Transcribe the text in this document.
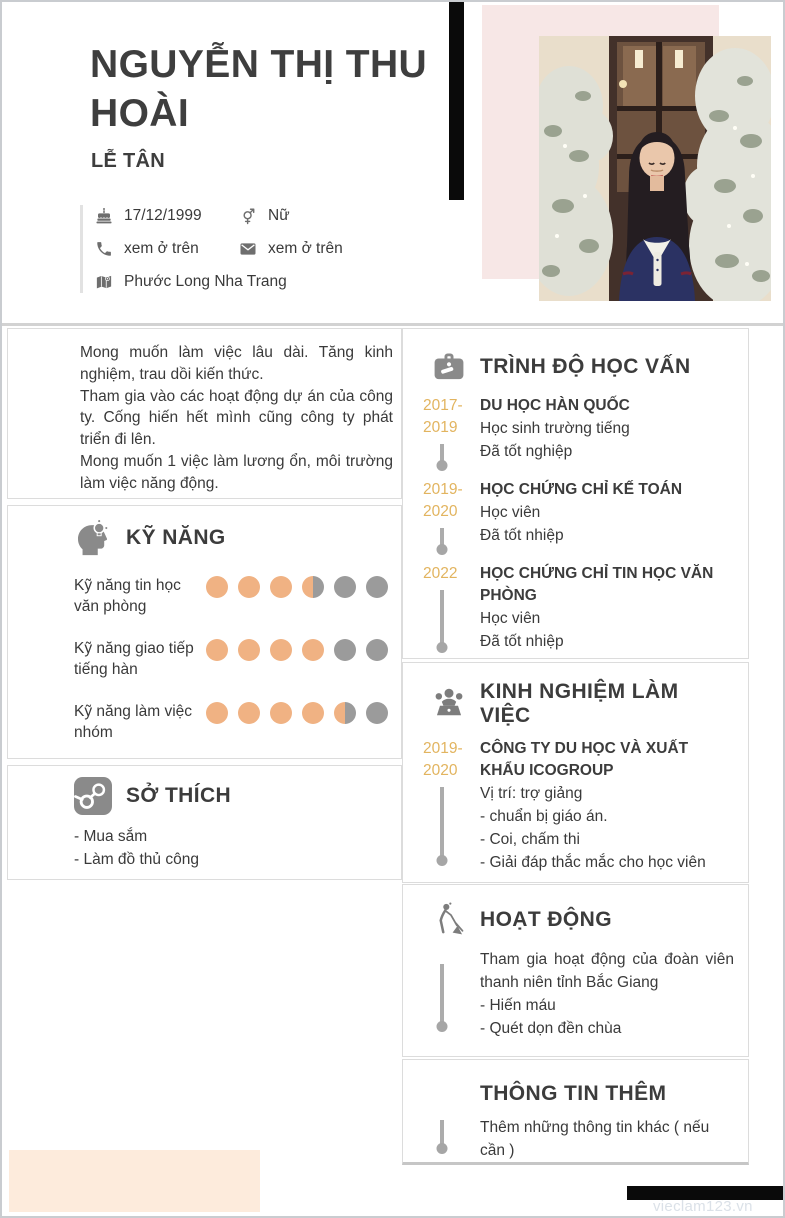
NGUYỄN THỊ THU HOÀI
LỄ TÂN
17/12/1999	Nữ
xem ở trên	xem ở trên
Phước Long Nha Trang

Mong muốn làm việc lâu dài. Tăng kinh nghiệm, trau dồi kiến thức.

Tham gia vào các hoạt động dự án của công ty. Cống hiến hết mình cũng công ty phát triển đi lên.

Mong muốn 1 việc làm lương ổn, môi trường làm việc năng động.

KỸ NĂNG
Kỹ năng tin học văn phòng
Kỹ năng giao tiếp tiếng hàn
Kỹ năng làm việc nhóm
SỞ THÍCH
- Mua sắm
- Làm đồ thủ công
TRÌNH ĐỘ HỌC VẤN
2017-
2019
DU HỌC HÀN QUỐC
Học sinh trường tiếng
Đã tốt nghiệp
2019-
2020
HỌC CHỨNG CHỈ KẾ TOÁN
Học viên
Đã tốt nhiệp
2022 HỌC CHỨNG CHỈ TIN HỌC VĂN PHÒNG
Học viên
Đã tốt nhiệp
KINH NGHIỆM LÀM VIỆC
2019-
2020
CÔNG TY DU HỌC VÀ XUẤT KHẨU ICOGROUP
Vị trí: trợ giảng
- chuẩn bị giáo án.
- Coi, chấm thi
- Giải đáp thắc mắc cho học viên
HOẠT ĐỘNG

Tham gia hoạt động của đoàn viên thanh niên tỉnh Bắc Giang

- Hiến máu
- Quét dọn đền chùa
THÔNG TIN THÊM
Thêm những thông tin khác ( nếu cần )
vieclam123.vn
